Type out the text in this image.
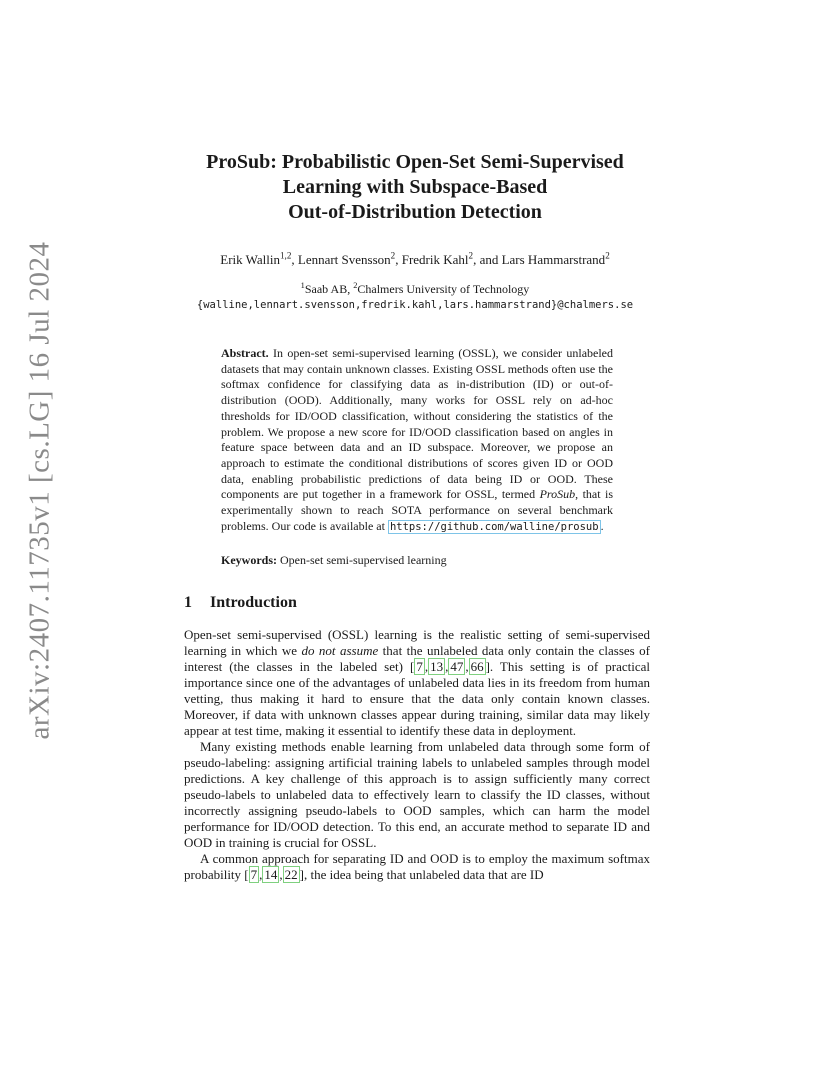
arXiv:2407.11735v1 [cs.LG] 16 Jul 2024
ProSub: Probabilistic Open-Set Semi-Supervised
Learning with Subspace-Based
Out-of-Distribution Detection
Erik Wallin$^{1,2}$, Lennart Svensson$^2$, Fredrik Kahl$^2$, and Lars Hammarstrand$^2$
$^1$Saab AB, $^2$Chalmers University of Technology
{walline,lennart.svensson,fredrik.kahl,lars.hammarstrand}@chalmers.se
Abstract. In open-set semi-supervised learning (OSSL), we consider unlabeled datasets that may contain unknown classes. Existing OSSL methods often use the softmax confidence for classifying data as in-distribution (ID) or out-of-distribution (OOD). Additionally, many works for OSSL rely on ad-hoc thresholds for ID/OOD classification, without considering the statistics of the problem. We propose a new score for ID/OOD classification based on angles in feature space between data and an ID subspace. Moreover, we propose an approach to estimate the conditional distributions of scores given ID or OOD data, enabling probabilistic predictions of data being ID or OOD. These components are put together in a framework for OSSL, termed ProSub, that is experimentally shown to reach SOTA performance on several benchmark problems. Our code is available at https://github.com/walline/prosub .
Keywords: Open-set semi-supervised learning
1 Introduction

Open-set semi-supervised (OSSL) learning is the realistic setting of semi-supervised learning in which we do not assume that the unlabeled data only contain the classes of interest (the classes in the labeled set) [ 7 , 13 , 47 , 66 ]. This setting is of practical importance since one of the advantages of unlabeled data lies in its freedom from human vetting, thus making it hard to ensure that the data only contain known classes. Moreover, if data with unknown classes appear during training, similar data may likely appear at test time, making it essential to identify these data in deployment.

Many existing methods enable learning from unlabeled data through some form of pseudo-labeling: assigning artificial training labels to unlabeled samples through model predictions. A key challenge of this approach is to assign sufficiently many correct pseudo-labels to unlabeled data to effectively learn to classify the ID classes, without incorrectly assigning pseudo-labels to OOD samples, which can harm the model performance for ID/OOD detection. To this end, an accurate method to separate ID and OOD in training is crucial for OSSL.

A common approach for separating ID and OOD is to employ the maximum softmax probability [ 7 , 14 , 22 ], the idea being that unlabeled data that are ID
